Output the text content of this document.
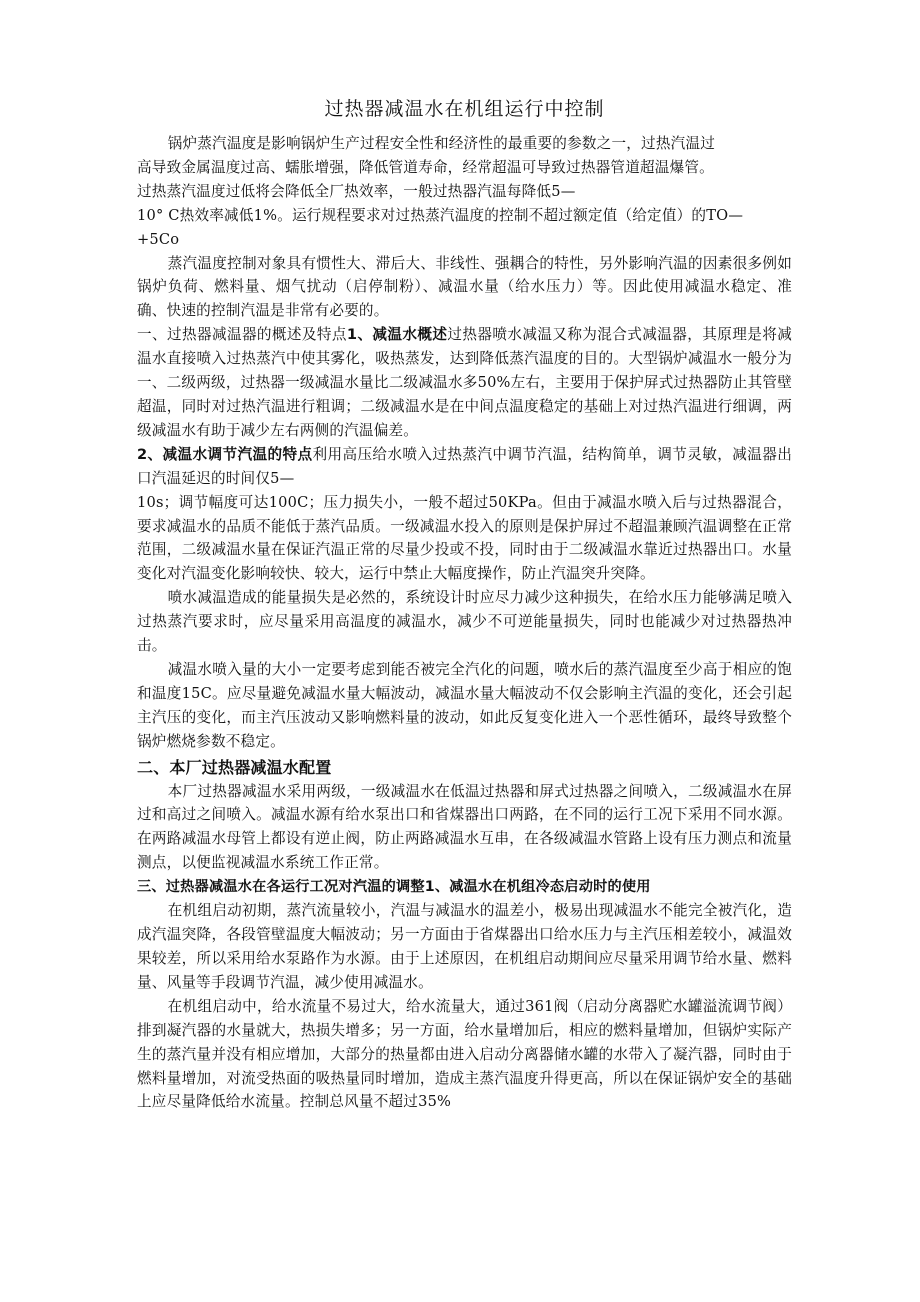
过热器减温水在机组运行中控制

锅炉蒸汽温度是影响锅炉生产过程安全性和经济性的最重要的参数之一，过热汽温过

高导致金属温度过高、蠕胀增强，降低管道寿命，经常超温可导致过热器管道超温爆管。

过热蒸汽温度过低将会降低全厂热效率，一般过热器汽温每降低5—

10° C热效率减低1%。运行规程要求对过热蒸汽温度的控制不超过额定值（给定值）的TO—

+5Co

蒸汽温度控制对象具有惯性大、滞后大、非线性、强耦合的特性，另外影响汽温的因素很多例如锅炉负荷、燃料量、烟气扰动（启停制粉）、减温水量（给水压力）等。因此使用减温水稳定、准确、快速的控制汽温是非常有必要的。

一、过热器减温器的概述及特点1、减温水概述过热器喷水减温又称为混合式减温器，其原理是将减温水直接喷入过热蒸汽中使其雾化，吸热蒸发，达到降低蒸汽温度的目的。大型锅炉减温水一般分为一、二级两级，过热器一级减温水量比二级减温水多50%左右，主要用于保护屏式过热器防止其管壁超温，同时对过热汽温进行粗调；二级减温水是在中间点温度稳定的基础上对过热汽温进行细调，两级减温水有助于减少左右两侧的汽温偏差。

2、减温水调节汽温的特点利用高压给水喷入过热蒸汽中调节汽温，结构简单，调节灵敏，减温器出口汽温延迟的时间仅5—

10s；调节幅度可达100C；压力损失小，一般不超过50KPa。但由于减温水喷入后与过热器混合，要求减温水的品质不能低于蒸汽品质。一级减温水投入的原则是保护屏过不超温兼顾汽温调整在正常范围，二级减温水量在保证汽温正常的尽量少投或不投，同时由于二级减温水靠近过热器出口。水量变化对汽温变化影响较快、较大，运行中禁止大幅度操作，防止汽温突升突降。

喷水减温造成的能量损失是必然的，系统设计时应尽力减少这种损失，在给水压力能够满足喷入过热蒸汽要求时，应尽量采用高温度的减温水，减少不可逆能量损失，同时也能减少对过热器热冲击。

减温水喷入量的大小一定要考虑到能否被完全汽化的问题，喷水后的蒸汽温度至少高于相应的饱和温度15C。应尽量避免减温水量大幅波动，减温水量大幅波动不仅会影响主汽温的变化，还会引起主汽压的变化，而主汽压波动又影响燃料量的波动，如此反复变化进入一个恶性循环，最终导致整个锅炉燃烧参数不稳定。

二、本厂过热器减温水配置

本厂过热器减温水采用两级，一级减温水在低温过热器和屏式过热器之间喷入，二级减温水在屏过和高过之间喷入。减温水源有给水泵出口和省煤器出口两路，在不同的运行工况下采用不同水源。在两路减温水母管上都设有逆止阀，防止两路减温水互串，在各级减温水管路上设有压力测点和流量测点，以便监视减温水系统工作正常。

三、过热器减温水在各运行工况对汽温的调整1、减温水在机组冷态启动时的使用

在机组启动初期，蒸汽流量较小，汽温与减温水的温差小，极易出现减温水不能完全被汽化，造成汽温突降，各段管壁温度大幅波动；另一方面由于省煤器出口给水压力与主汽压相差较小，减温效果较差，所以采用给水泵路作为水源。由于上述原因，在机组启动期间应尽量采用调节给水量、燃料量、风量等手段调节汽温，减少使用减温水。

在机组启动中，给水流量不易过大，给水流量大，通过361阀（启动分离器贮水罐溢流调节阀）排到凝汽器的水量就大，热损失增多；另一方面，给水量增加后，相应的燃料量增加，但锅炉实际产生的蒸汽量并没有相应增加，大部分的热量都由进入启动分离器储水罐的水带入了凝汽器，同时由于燃料量增加，对流受热面的吸热量同时增加，造成主蒸汽温度升得更高，所以在保证锅炉安全的基础上应尽量降低给水流量。控制总风量不超过35%
